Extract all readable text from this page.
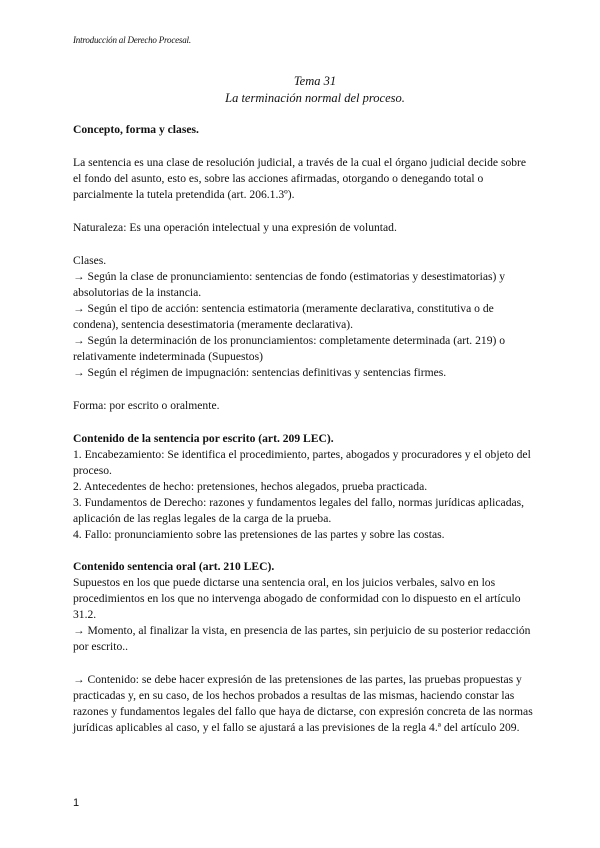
Introducción al Derecho Procesal.
Tema 31
La terminación normal del proceso.

Concepto, forma y clases.

La sentencia es una clase de resolución judicial, a través de la cual el órgano judicial decide sobre el fondo del asunto, esto es, sobre las acciones afirmadas, otorgando o denegando total o parcialmente la tutela pretendida (art. 206.1.3º).

Naturaleza: Es una operación intelectual y una expresión de voluntad.

Clases.

→ Según la clase de pronunciamiento: sentencias de fondo (estimatorias y desestimatorias) y absolutorias de la instancia.

→ Según el tipo de acción: sentencia estimatoria (meramente declarativa, constitutiva o de condena), sentencia desestimatoria (meramente declarativa).

→ Según la determinación de los pronunciamientos: completamente determinada (art. 219) o relativamente indeterminada (Supuestos)

→ Según el régimen de impugnación: sentencias definitivas y sentencias firmes.

Forma: por escrito o oralmente.

Contenido de la sentencia por escrito (art. 209 LEC).

1. Encabezamiento: Se identifica el procedimiento, partes, abogados y procuradores y el objeto del proceso.

2. Antecedentes de hecho: pretensiones, hechos alegados, prueba practicada.

3. Fundamentos de Derecho: razones y fundamentos legales del fallo, normas jurídicas aplicadas, aplicación de las reglas legales de la carga de la prueba.

4. Fallo: pronunciamiento sobre las pretensiones de las partes y sobre las costas.

Contenido sentencia oral (art. 210 LEC).

Supuestos en los que puede dictarse una sentencia oral, en los juicios verbales, salvo en los procedimientos en los que no intervenga abogado de conformidad con lo dispuesto en el artículo 31.2.

→ Momento, al finalizar la vista, en presencia de las partes, sin perjuicio de su posterior redacción por escrito..

→ Contenido: se debe hacer expresión de las pretensiones de las partes, las pruebas propuestas y practicadas y, en su caso, de los hechos probados a resultas de las mismas, haciendo constar las razones y fundamentos legales del fallo que haya de dictarse, con expresión concreta de las normas jurídicas aplicables al caso, y el fallo se ajustará a las previsiones de la regla 4.ª del artículo 209.

1
